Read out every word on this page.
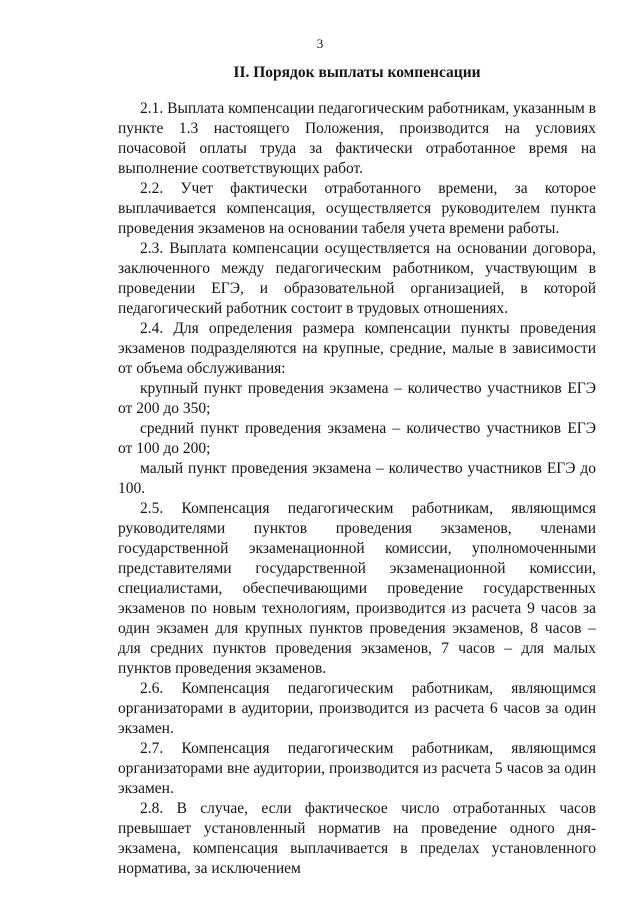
3
II. Порядок выплаты компенсации

2.1. Выплата компенсации педагогическим работникам, указанным в пункте 1.3 настоящего Положения, производится на условиях почасовой оплаты труда за фактически отработанное время на выполнение соответствующих работ.

2.2. Учет фактически отработанного времени, за которое выплачивается компенсация, осуществляется руководителем пункта проведения экзаменов на основании табеля учета времени работы.

2.3. Выплата компенсации осуществляется на основании договора, заключенного между педагогическим работником, участвующим в проведении ЕГЭ, и образовательной организацией, в которой педагогический работник состоит в трудовых отношениях.

2.4. Для определения размера компенсации пункты проведения экзаменов подразделяются на крупные, средние, малые в зависимости от объема обслуживания:

крупный пункт проведения экзамена – количество участников ЕГЭ от 200 до 350;

средний пункт проведения экзамена – количество участников ЕГЭ от 100 до 200;

малый пункт проведения экзамена – количество участников ЕГЭ до 100.

2.5. Компенсация педагогическим работникам, являющимся руководителями пунктов проведения экзаменов, членами государственной экзаменационной комиссии, уполномоченными представителями государственной экзаменационной комиссии, специалистами, обеспечивающими проведение государственных экзаменов по новым технологиям, производится из расчета 9 часов за один экзамен для крупных пунктов проведения экзаменов, 8 часов – для средних пунктов проведения экзаменов, 7 часов – для малых пунктов проведения экзаменов.

2.6. Компенсация педагогическим работникам, являющимся организаторами в аудитории, производится из расчета 6 часов за один экзамен.

2.7. Компенсация педагогическим работникам, являющимся организаторами вне аудитории, производится из расчета 5 часов за один экзамен.

2.8. В случае, если фактическое число отработанных часов превышает установленный норматив на проведение одного дня-экзамена, компенсация выплачивается в пределах установленного норматива, за исключением
